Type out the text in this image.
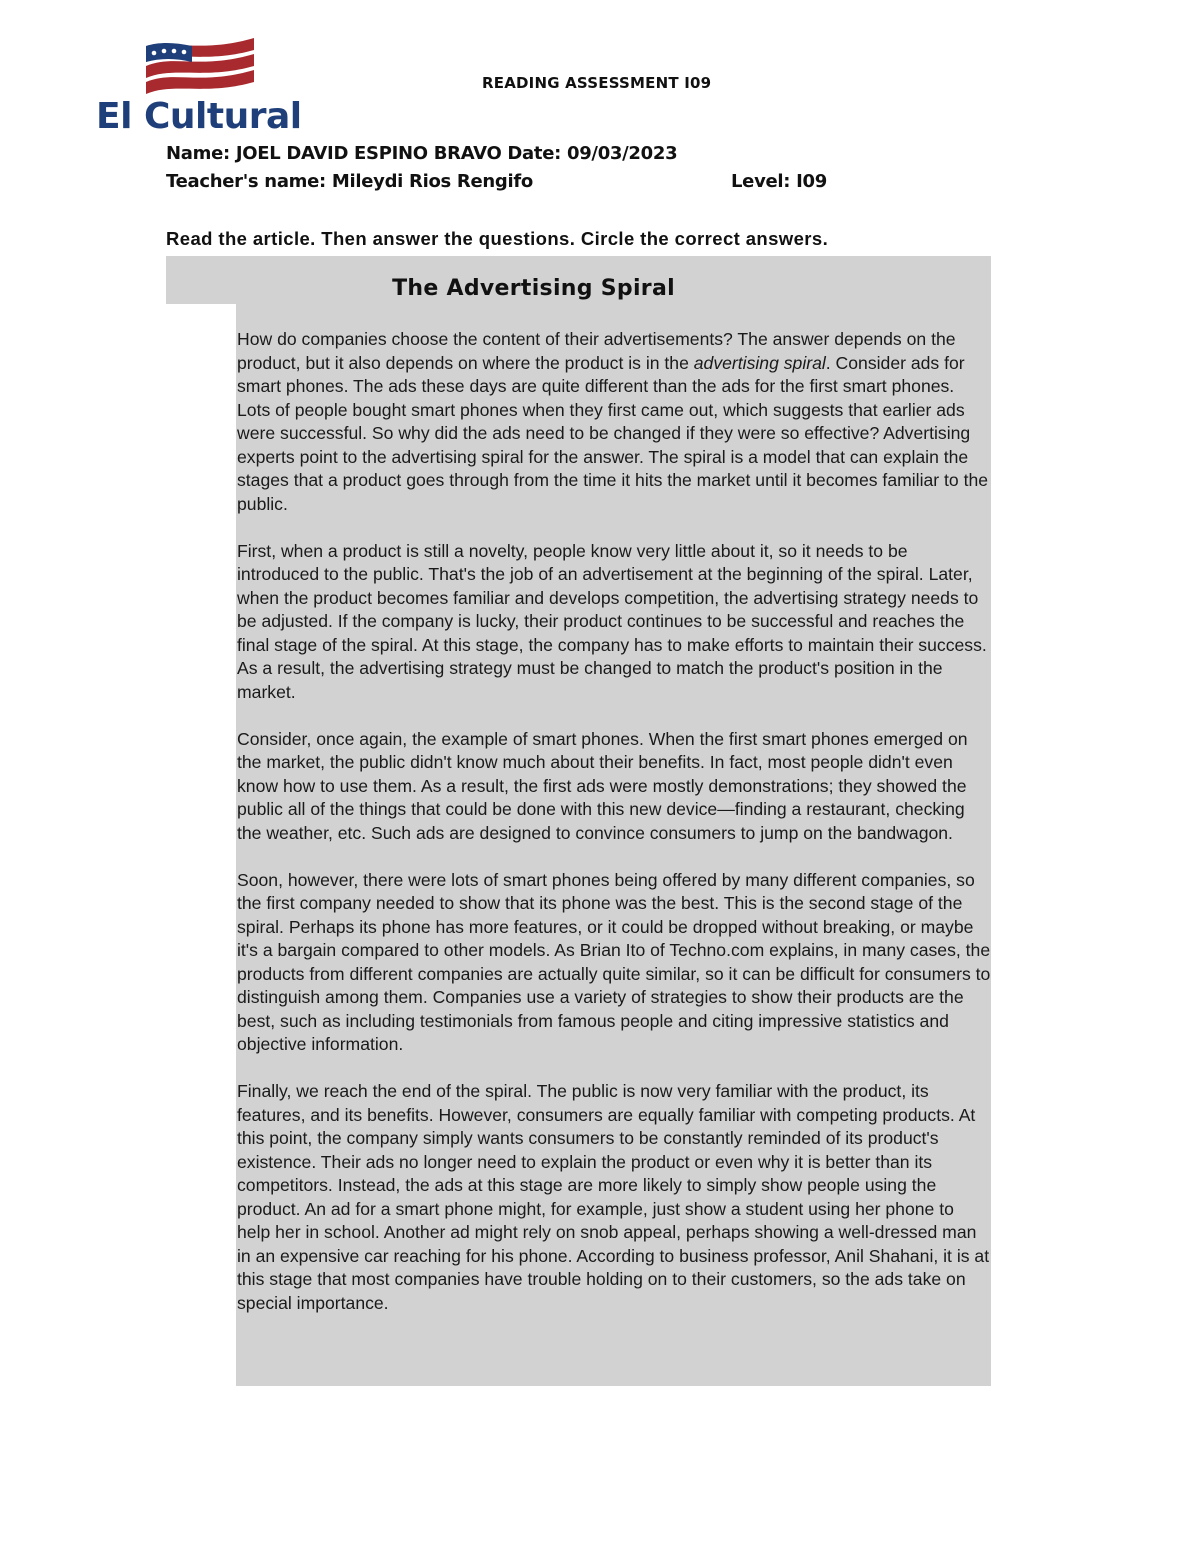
El Cultural
READING ASSESSMENT I09
Name: JOEL DAVID ESPINO BRAVO Date: 09/03/2023
Teacher's name: Mileydi Rios Rengifo	Level: I09
Read the article. Then answer the questions. Circle the correct answers.
The Advertising Spiral

How do companies choose the content of their advertisements? The answer depends on the product, but it also depends on where the product is in the advertising spiral. Consider ads for smart phones. The ads these days are quite different than the ads for the first smart phones. Lots of people bought smart phones when they first came out, which suggests that earlier ads were successful. So why did the ads need to be changed if they were so effective? Advertising experts point to the advertising spiral for the answer. The spiral is a model that can explain the stages that a product goes through from the time it hits the market until it becomes familiar to the public.

First, when a product is still a novelty, people know very little about it, so it needs to be introduced to the public. That's the job of an advertisement at the beginning of the spiral. Later, when the product becomes familiar and develops competition, the advertising strategy needs to be adjusted. If the company is lucky, their product continues to be successful and reaches the final stage of the spiral. At this stage, the company has to make efforts to maintain their success. As a result, the advertising strategy must be changed to match the product's position in the market.

Consider, once again, the example of smart phones. When the first smart phones emerged on the market, the public didn't know much about their benefits. In fact, most people didn't even know how to use them. As a result, the first ads were mostly demonstrations; they showed the public all of the things that could be done with this new device—finding a restaurant, checking the weather, etc. Such ads are designed to convince consumers to jump on the bandwagon.

Soon, however, there were lots of smart phones being offered by many different companies, so the first company needed to show that its phone was the best. This is the second stage of the spiral. Perhaps its phone has more features, or it could be dropped without breaking, or maybe it's a bargain compared to other models. As Brian Ito of Techno.com explains, in many cases, the products from different companies are actually quite similar, so it can be difficult for consumers to distinguish among them. Companies use a variety of strategies to show their products are the best, such as including testimonials from famous people and citing impressive statistics and objective information.

Finally, we reach the end of the spiral. The public is now very familiar with the product, its features, and its benefits. However, consumers are equally familiar with competing products. At this point, the company simply wants consumers to be constantly reminded of its product's existence. Their ads no longer need to explain the product or even why it is better than its competitors. Instead, the ads at this stage are more likely to simply show people using the product. An ad for a smart phone might, for example, just show a student using her phone to help her in school. Another ad might rely on snob appeal, perhaps showing a well-dressed man in an expensive car reaching for his phone. According to business professor, Anil Shahani, it is at this stage that most companies have trouble holding on to their customers, so the ads take on special importance.
